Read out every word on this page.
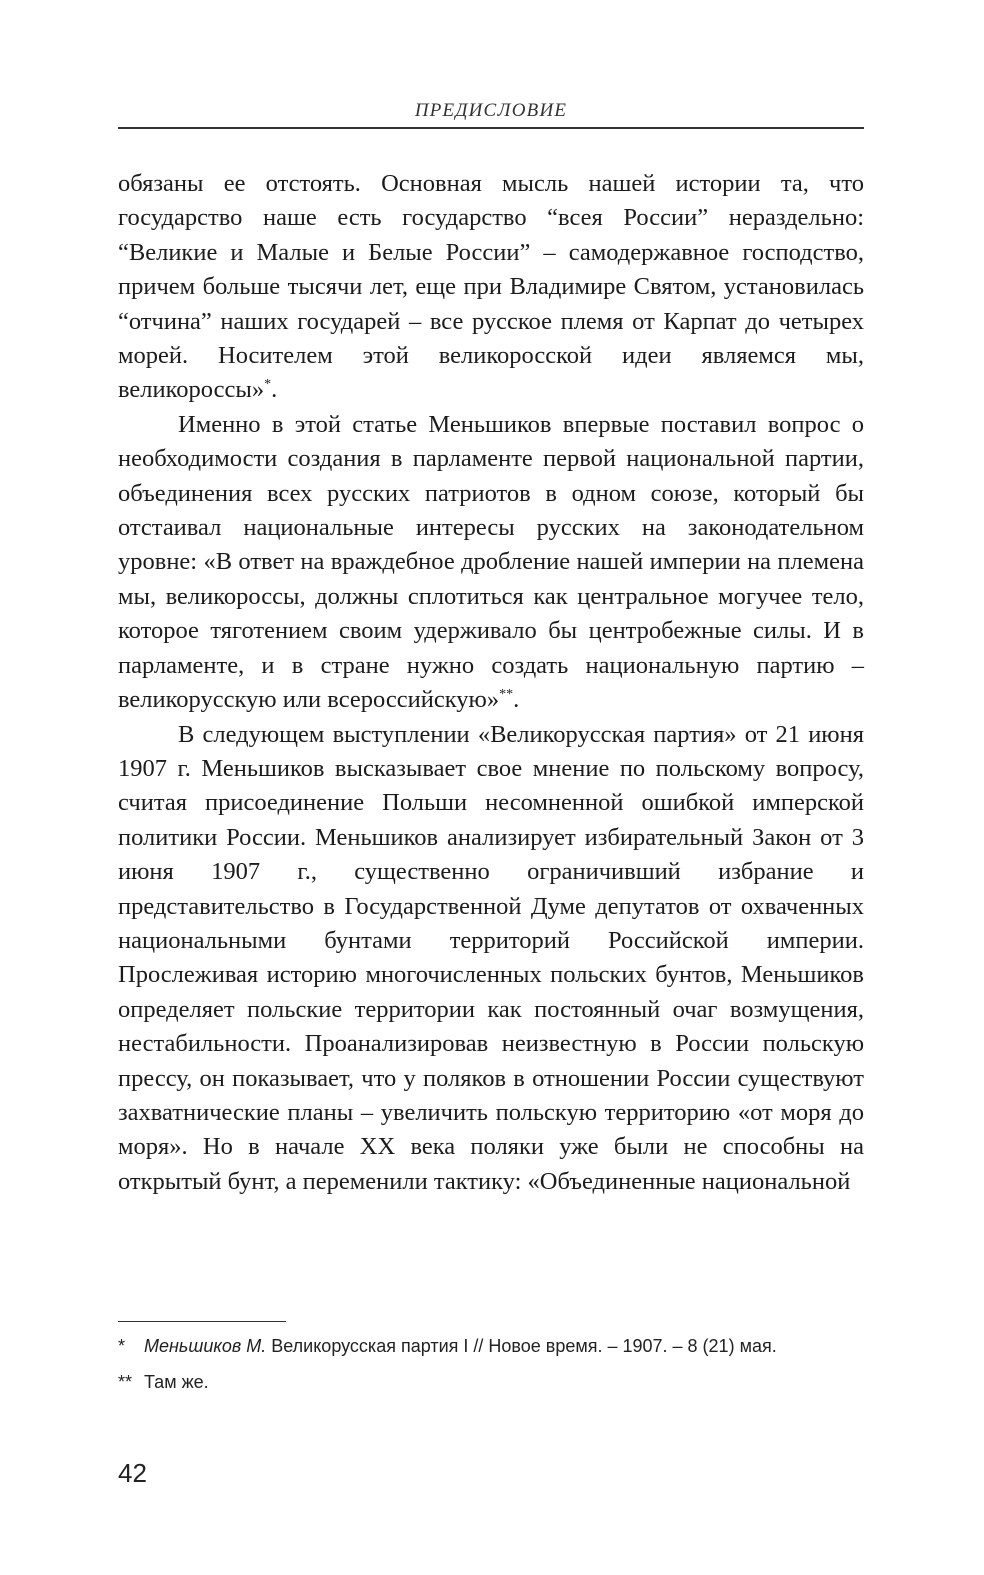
ПРЕДИСЛОВИЕ

обязаны ее отстоять. Основная мысль нашей истории та, что государство наше есть государство “всея России” нераздельно: “Великие и Малые и Белые России” – самодержавное господство, причем больше тысячи лет, еще при Владимире Святом, установилась “отчина” наших государей – все русское племя от Карпат до четырех морей. Носителем этой великоросской идеи являемся мы, великороссы»*.

Именно в этой статье Меньшиков впервые поставил вопрос о необходимости создания в парламенте первой национальной партии, объединения всех русских патриотов в одном союзе, который бы отстаивал национальные интересы русских на законодательном уровне: «В ответ на враждебное дробление нашей империи на племена мы, великороссы, должны сплотиться как центральное могучее тело, которое тяготением своим удерживало бы центробежные силы. И в парламенте, и в стране нужно создать национальную партию – великорусскую или всероссийскую»**.

В следующем выступлении «Великорусская партия» от 21 июня 1907 г. Меньшиков высказывает свое мнение по польскому вопросу, считая присоединение Польши несомненной ошибкой имперской политики России. Меньшиков анализирует избирательный Закон от 3 июня 1907 г., существенно ограничивший избрание и представительство в Государственной Думе депутатов от охваченных национальными бунтами территорий Российской империи. Прослеживая историю многочисленных польских бунтов, Меньшиков определяет польские территории как постоянный очаг возмущения, нестабильности. Проанализировав неизвестную в России польскую прессу, он показывает, что у поляков в отношении России существуют захватнические планы – увеличить польскую территорию «от моря до моря». Но в начале XX века поляки уже были не способны на открытый бунт, а переменили тактику: «Объединенные национальной

* Меньшиков М. Великорусская партия I // Новое время. – 1907. – 8 (21) мая.

** Там же.

42
